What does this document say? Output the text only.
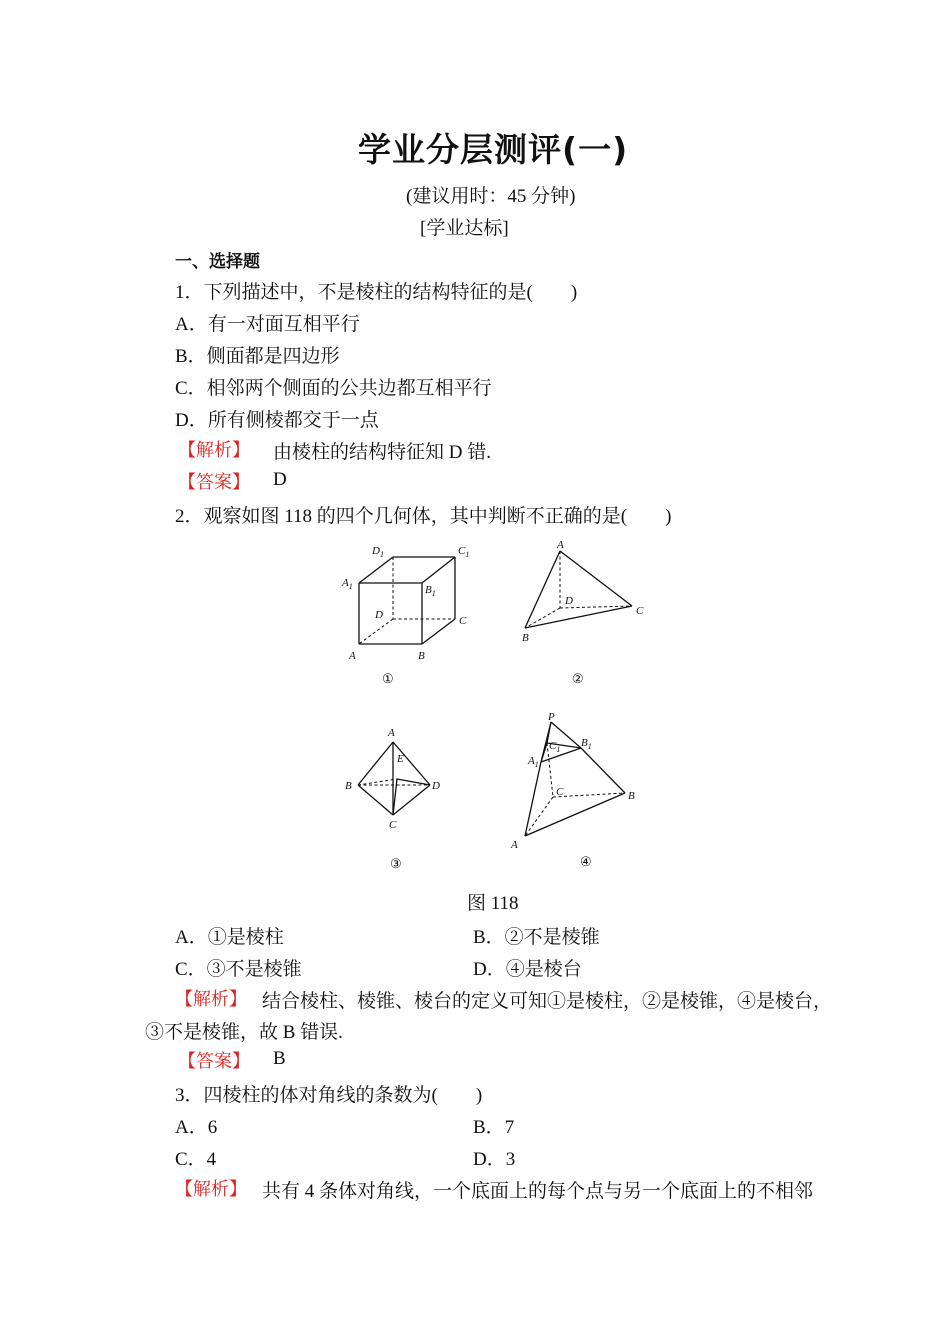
学业分层测评(一)
(建议用时：45 分钟)
[学业达标]
一、选择题
1．下列描述中，不是棱柱的结构特征的是(　　)
A．有一对面互相平行
B．侧面都是四边形
C．相邻两个侧面的公共边都互相平行
D．所有侧棱都交于一点
【解析】 由棱柱的结构特征知 D 错.
【答案】 D
2．观察如图 118 的四个几何体，其中判断不正确的是(　　)
$D_1$	$C_1$
$A_1$	$B_1$
D	C
A	B
①
A
D
C
B
②
A
E
B	D
C
③
P
$C_1$
$B_1$
$A_1$
C	B
A
④
图 118
A．①是棱柱	B．②不是棱锥
C．③不是棱锥	D．④是棱台
【解析】 结合棱柱、棱锥、棱台的定义可知①是棱柱，②是棱锥，④是棱台，
③不是棱锥，故 B 错误.
【答案】 B
3．四棱柱的体对角线的条数为(　　)
A．6	B．7
C．4	D．3
【解析】 共有 4 条体对角线，一个底面上的每个点与另一个底面上的不相邻
